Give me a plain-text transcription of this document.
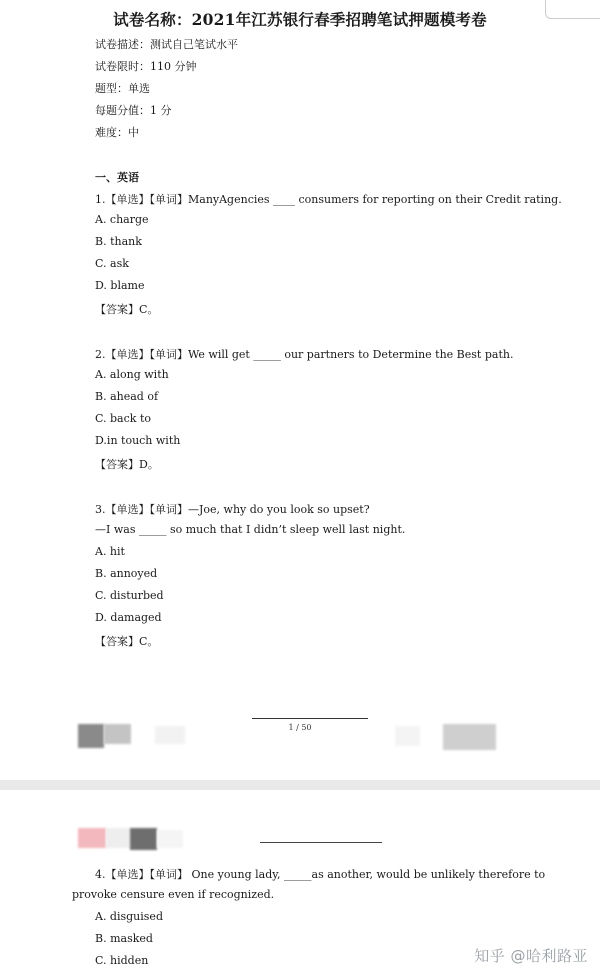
试卷名称：2021年江苏银行春季招聘笔试押题模考卷
试卷描述：测试自己笔试水平
试卷限时：110 分钟
题型：单选
每题分值：1 分
难度：中
一、英语
1.【单选】【单词】ManyAgencies ____ consumers for reporting on their Credit rating.
A. charge
B. thank
C. ask
D. blame
【答案】C。
2.【单选】【单词】We will get _____ our partners to Determine the Best path.
A. along with
B. ahead of
C. back to
D.in touch with
【答案】D。
3.【单选】【单词】—Joe, why do you look so upset?
—I was _____ so much that I didn’t sleep well last night.
A. hit
B. annoyed
C. disturbed
D. damaged
【答案】C。
1 / 50
4.【单选】【单词】 One young lady, _____as another, would be unlikely therefore to
provoke censure even if recognized.
A. disguised
B. masked
C. hidden	知乎 @哈利路亚
